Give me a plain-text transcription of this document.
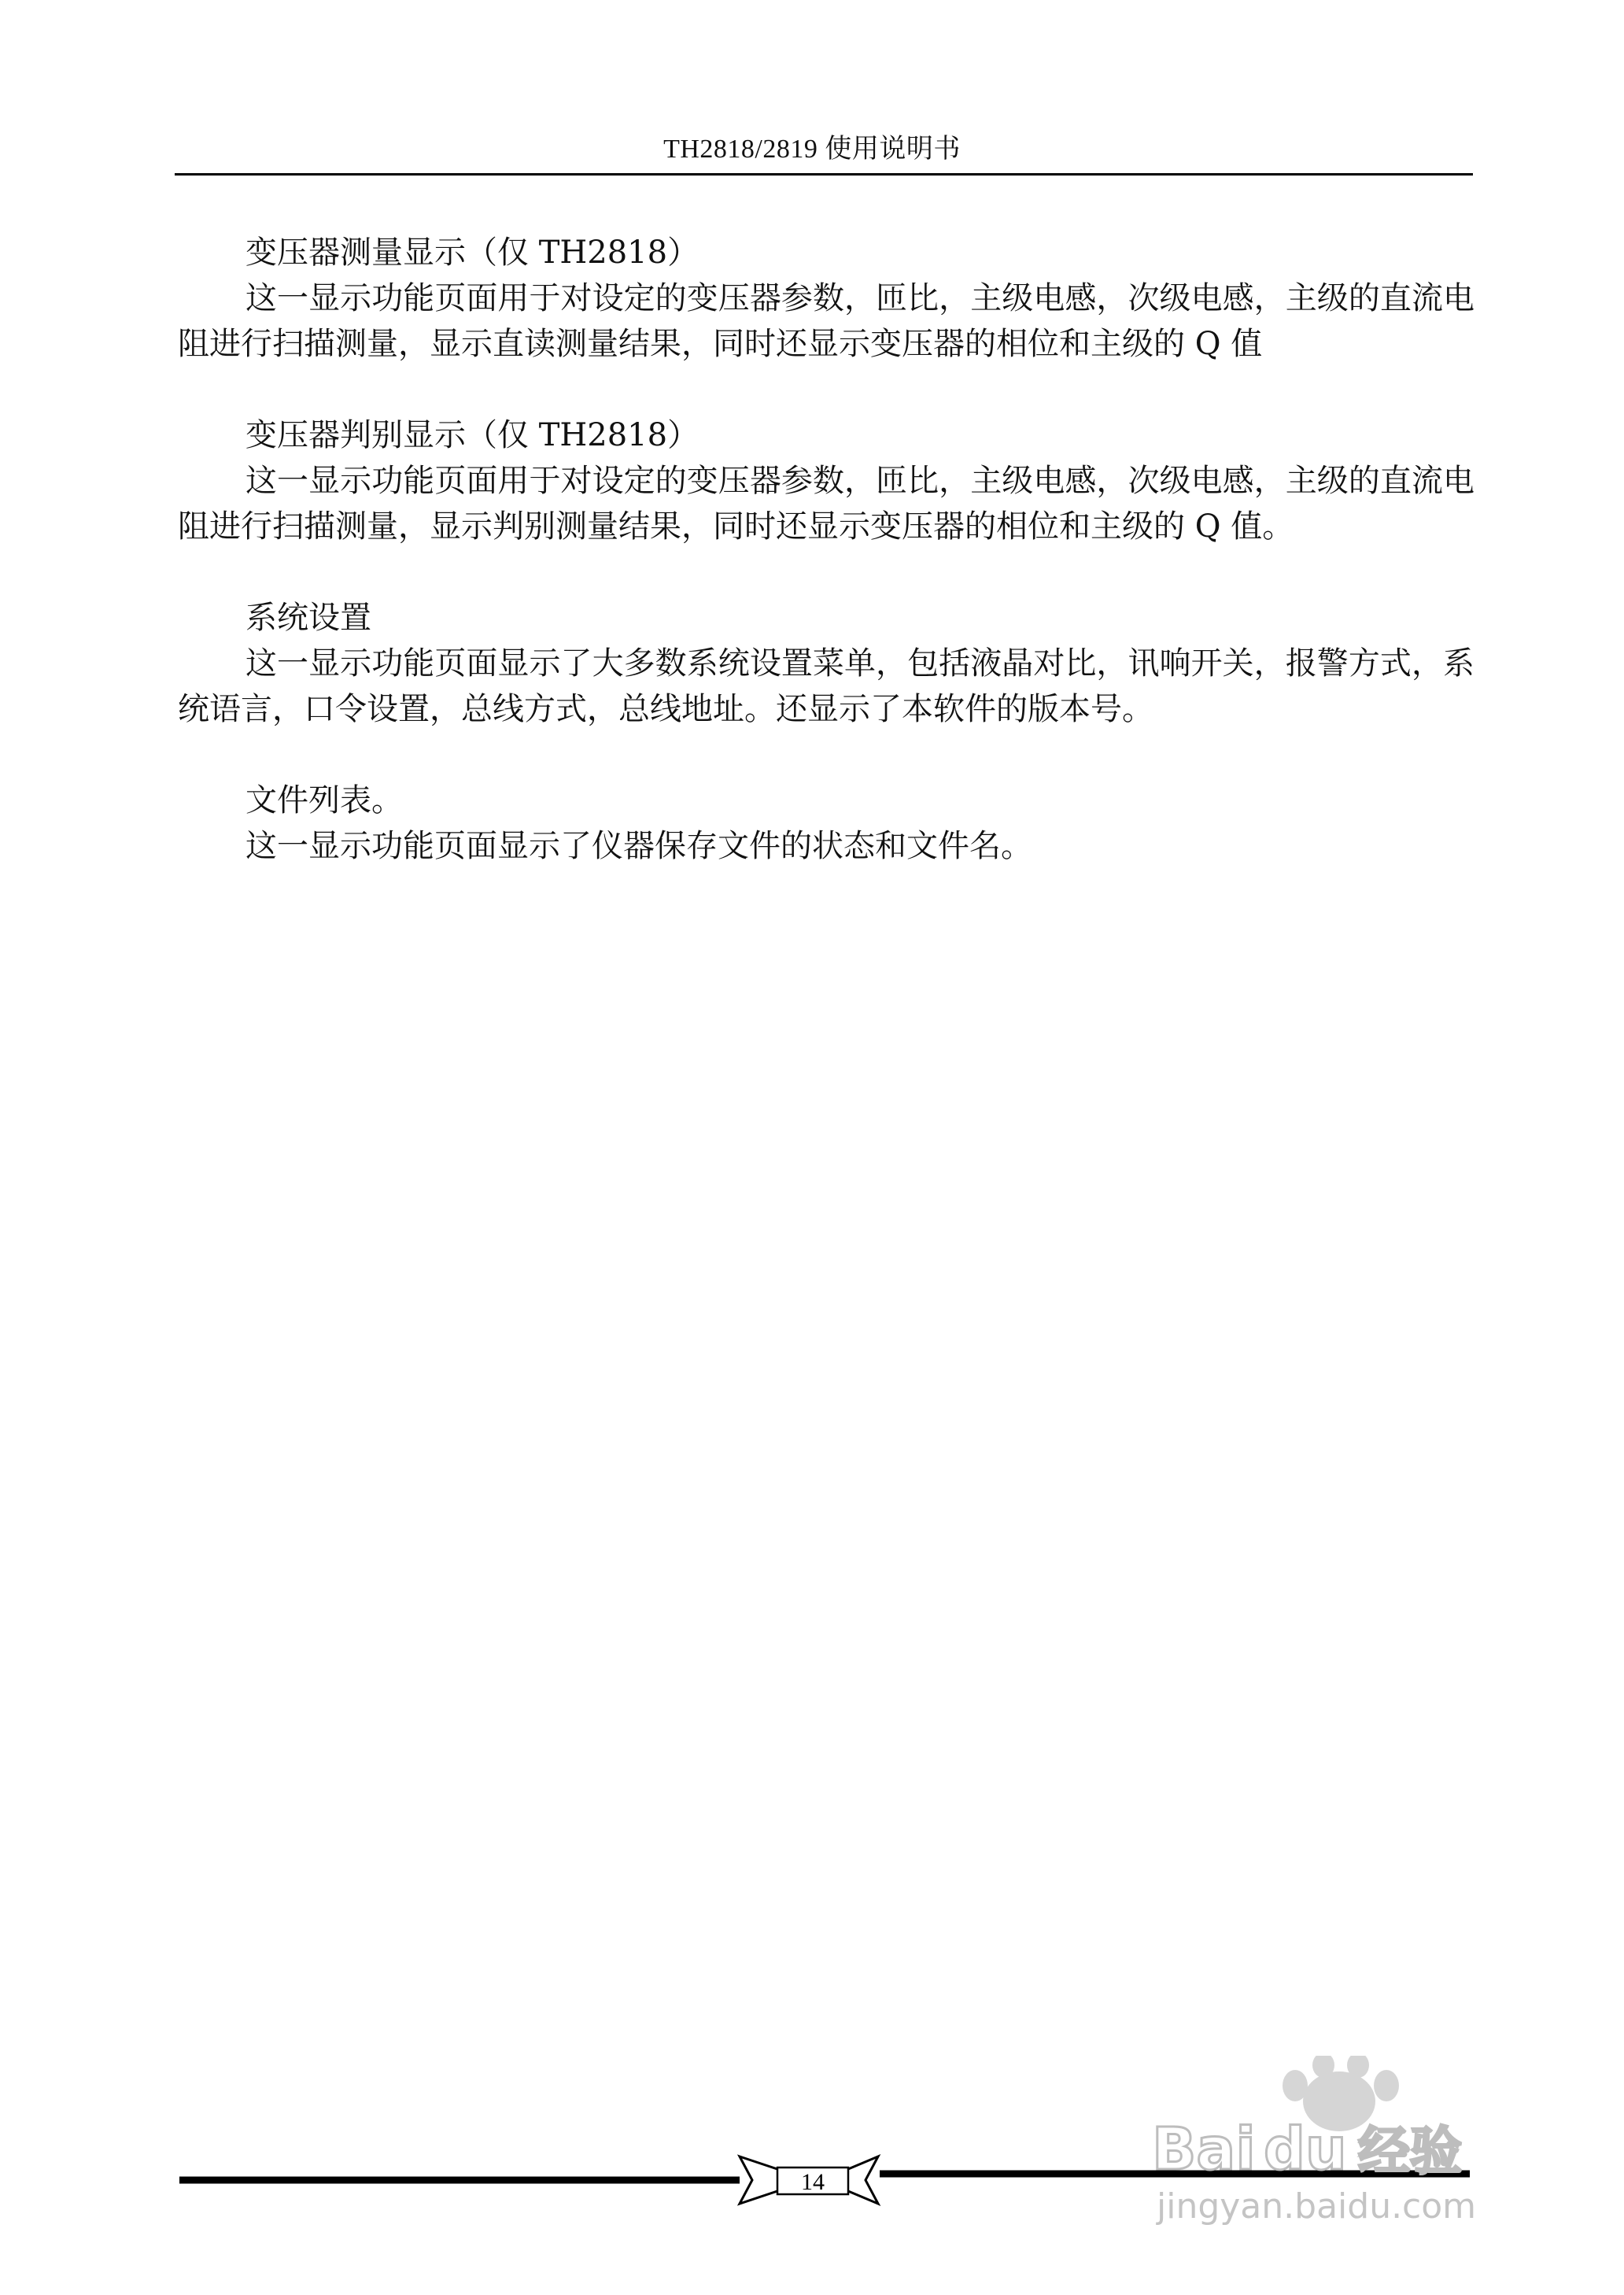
TH2818/2819 使用说明书

变压器测量显示（仅 TH2818）

这一显示功能页面用于对设定的变压器参数，匝比，主级电感，次级电感，主级的直流电阻进行扫描测量，显示直读测量结果，同时还显示变压器的相位和主级的 Q 值

变压器判别显示（仅 TH2818）

这一显示功能页面用于对设定的变压器参数，匝比，主级电感，次级电感，主级的直流电阻进行扫描测量，显示判别测量结果，同时还显示变压器的相位和主级的 Q 值。

系统设置

这一显示功能页面显示了大多数系统设置菜单，包括液晶对比，讯响开关，报警方式，系统语言，口令设置，总线方式，总线地址。还显示了本软件的版本号。

文件列表。

这一显示功能页面显示了仪器保存文件的状态和文件名。

14	Bai du 经验
jingyan.baidu.com
